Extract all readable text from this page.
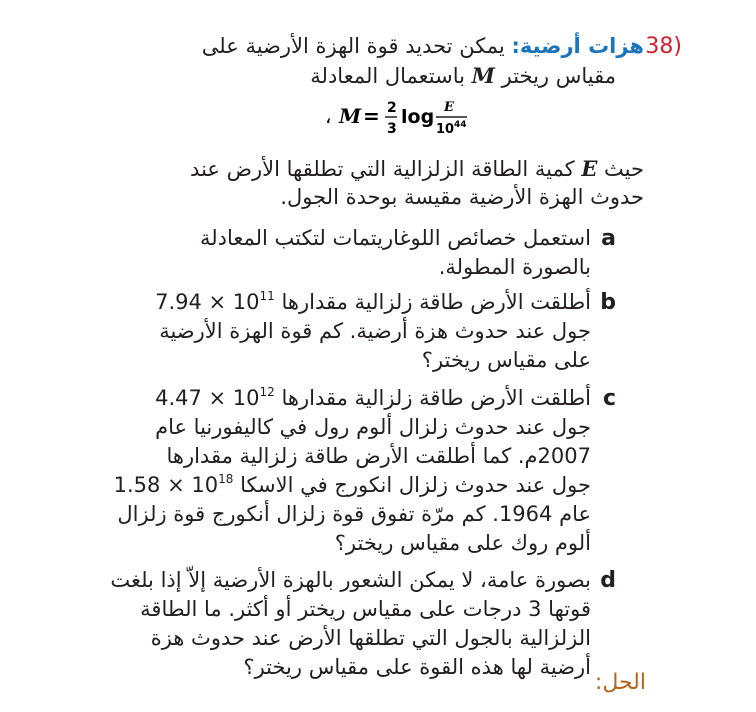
38)
هزات أرضية: يمكن تحديد قوة الهزة الأرضية على
مقياس ريختر M باستعمال المعادلة
، M = 2
3
log E
10 44
حيث E كمية الطاقة الزلزالية التي تطلقها الأرض عند
حدوث الهزة الأرضية مقيسة بوحدة الجول.
a
استعمل خصائص اللوغاريتمات لتكتب المعادلة
بالصورة المطولة.
b
أطلقت الأرض طاقة زلزالية مقدارها $7.94 \times 10^{11}$
جول عند حدوث هزة أرضية. كم قوة الهزة الأرضية
على مقياس ريختر؟
c
أطلقت الأرض طاقة زلزالية مقدارها $4.47 \times 10^{12}$
جول عند حدوث زلزال ألوم رول في كاليفورنيا عام
2007م. كما أطلقت الأرض طاقة زلزالية مقدارها
جول عند حدوث زلزال انكورج في الاسكا $1.58 \times 10^{18}$
عام 1964. كم مرّة تفوق قوة زلزال أنكورج قوة زلزال
ألوم روك على مقياس ريختر؟
d
بصورة عامة، لا يمكن الشعور بالهزة الأرضية إلاّ إذا بلغت
قوتها 3 درجات على مقياس ريختر أو أكثر. ما الطاقة
الزلزالية بالجول التي تطلقها الأرض عند حدوث هزة
أرضية لها هذه القوة على مقياس ريختر؟
الحل:
